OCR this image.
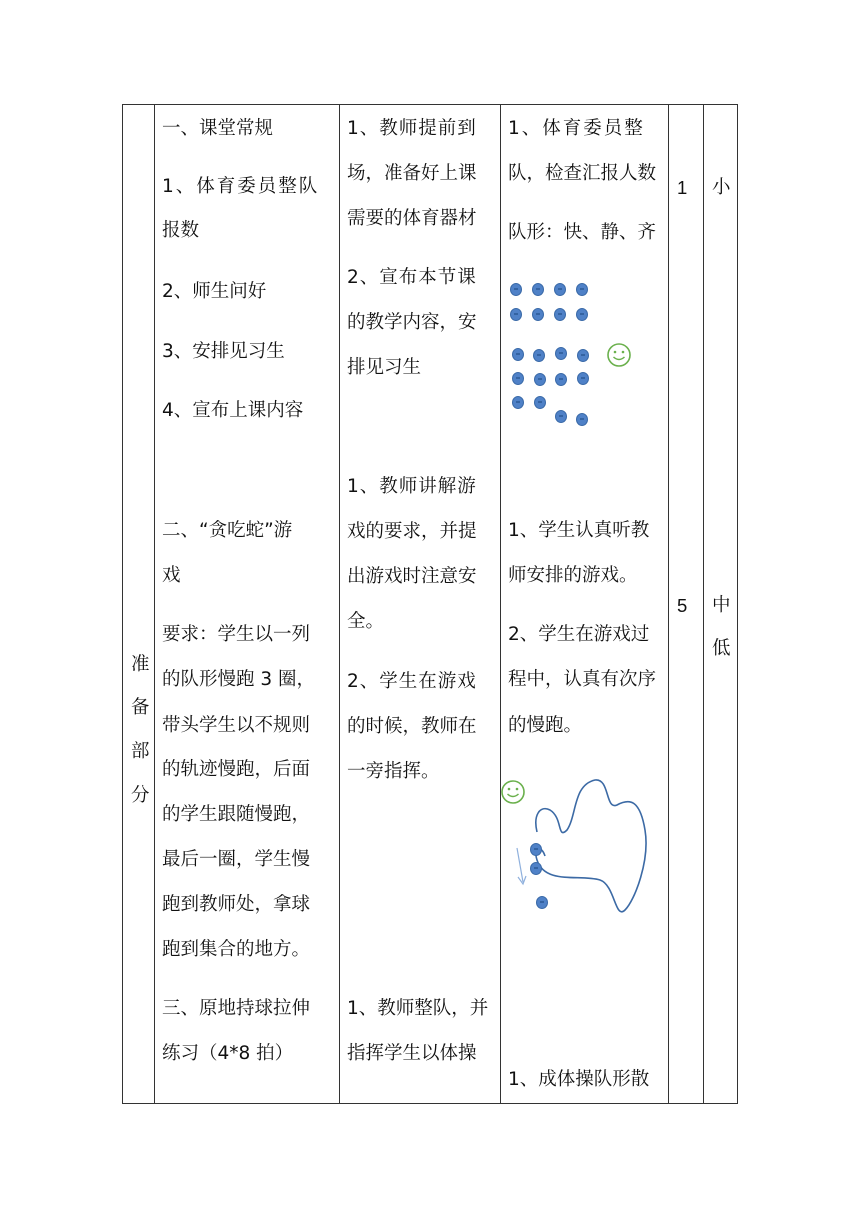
准
备
部
分
一、课堂常规
1、体育委员整队
报数
2、师生问好
3、安排见习生
4、宣布上课内容
二、“贪吃蛇”游
戏
要求：学生以一列
的队形慢跑 3 圈，
带头学生以不规则
的轨迹慢跑，后面
的学生跟随慢跑，
最后一圈，学生慢
跑到教师处，拿球
跑到集合的地方。
三、原地持球拉伸
练习（4*8 拍）
1、教师提前到
场，准备好上课
需要的体育器材
2、宣布本节课
的教学内容，安
排见习生
1、教师讲解游
戏的要求，并提
出游戏时注意安
全。
2、学生在游戏
的时候，教师在
一旁指挥。
1、教师整队，并
指挥学生以体操
1、体育委员整
队，检查汇报人数
队形：快、静、齐
1、学生认真听教
师安排的游戏。
2、学生在游戏过
程中，认真有次序
的慢跑。
1、成体操队形散
1
5
小
中
低
